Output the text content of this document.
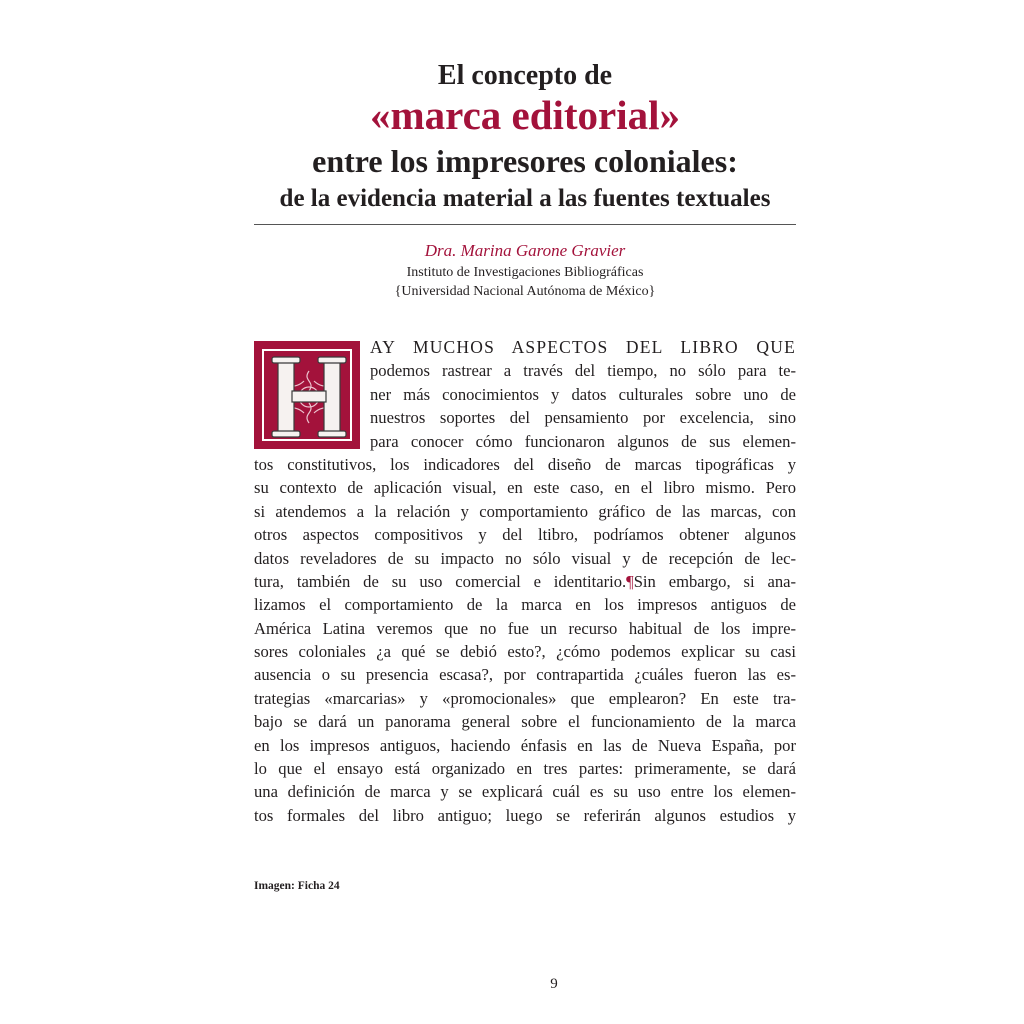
El concepto de
«marca editorial»
entre los impresores coloniales:
de la evidencia material a las fuentes textuales
Dra. Marina Garone Gravier
Instituto de Investigaciones Bibliográficas
{Universidad Nacional Autónoma de México}
AY MUCHOS ASPECTOS DEL LIBRO QUE
podemos rastrear a través del tiempo, no sólo para te-
ner más conocimientos y datos culturales sobre uno de
nuestros soportes del pensamiento por excelencia, sino
para conocer cómo funcionaron algunos de sus elemen-
tos constitutivos, los indicadores del diseño de marcas tipográficas y
su contexto de aplicación visual, en este caso, en el libro mismo. Pero
si atendemos a la relación y comportamiento gráfico de las marcas, con
otros aspectos compositivos y del ltibro, podríamos obtener algunos
datos reveladores de su impacto no sólo visual y de recepción de lec-
tura, también de su uso comercial e identitario.¶Sin embargo, si ana-
lizamos el comportamiento de la marca en los impresos antiguos de
América Latina veremos que no fue un recurso habitual de los impre-
sores coloniales ¿a qué se debió esto?, ¿cómo podemos explicar su casi
ausencia o su presencia escasa?, por contrapartida ¿cuáles fueron las es-
trategias «marcarias» y «promocionales» que emplearon? En este tra-
bajo se dará un panorama general sobre el funcionamiento de la marca
en los impresos antiguos, haciendo énfasis en las de Nueva España, por
lo que el ensayo está organizado en tres partes: primeramente, se dará
una definición de marca y se explicará cuál es su uso entre los elemen-
tos formales del libro antiguo; luego se referirán algunos estudios y
Imagen: Ficha 24
9
